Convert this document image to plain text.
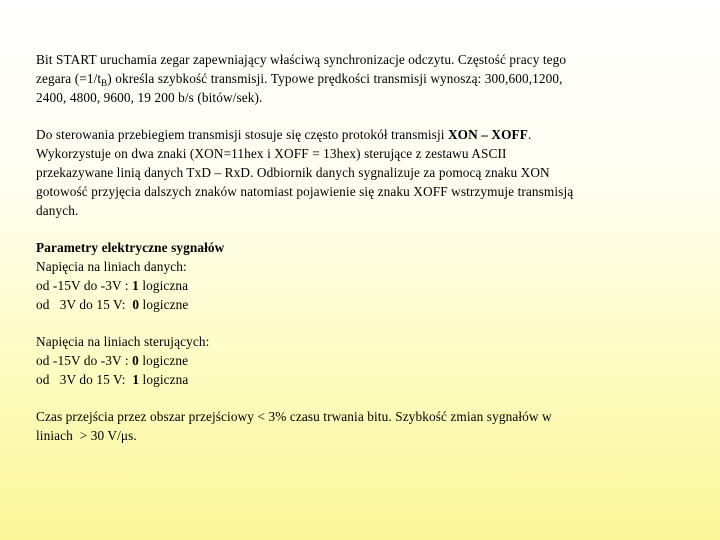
Bit START uruchamia zegar zapewniający właściwą synchronizacje odczytu. Częstość pracy tego

zegara $(=1/t_B)$ określa szybkość transmisji. Typowe prędkości transmisji wynoszą: 300,600,1200,

2400, 4800, 9600, 19 200 b/s (bitów/sek).

Do sterowania przebiegiem transmisji stosuje się często protokół transmisji XON – XOFF.

Wykorzystuje on dwa znaki (XON=11hex i XOFF = 13hex) sterujące z zestawu ASCII

przekazywane linią danych TxD – RxD. Odbiornik danych sygnalizuje za pomocą znaku XON

gotowość przyjęcia dalszych znaków natomiast pojawienie się znaku XOFF wstrzymuje transmisją

danych.

Parametry elektryczne sygnałów

Napięcia na liniach danych:

od -15V do -3V : 1 logiczna

od   3V do 15 V:  0 logiczne

Napięcia na liniach sterujących:

od -15V do -3V : 0 logiczne

od   3V do 15 V:  1 logiczna

Czas przejścia przez obszar przejściowy < 3% czasu trwania bitu. Szybkość zmian sygnałów w

liniach  > 30 V/μs.
